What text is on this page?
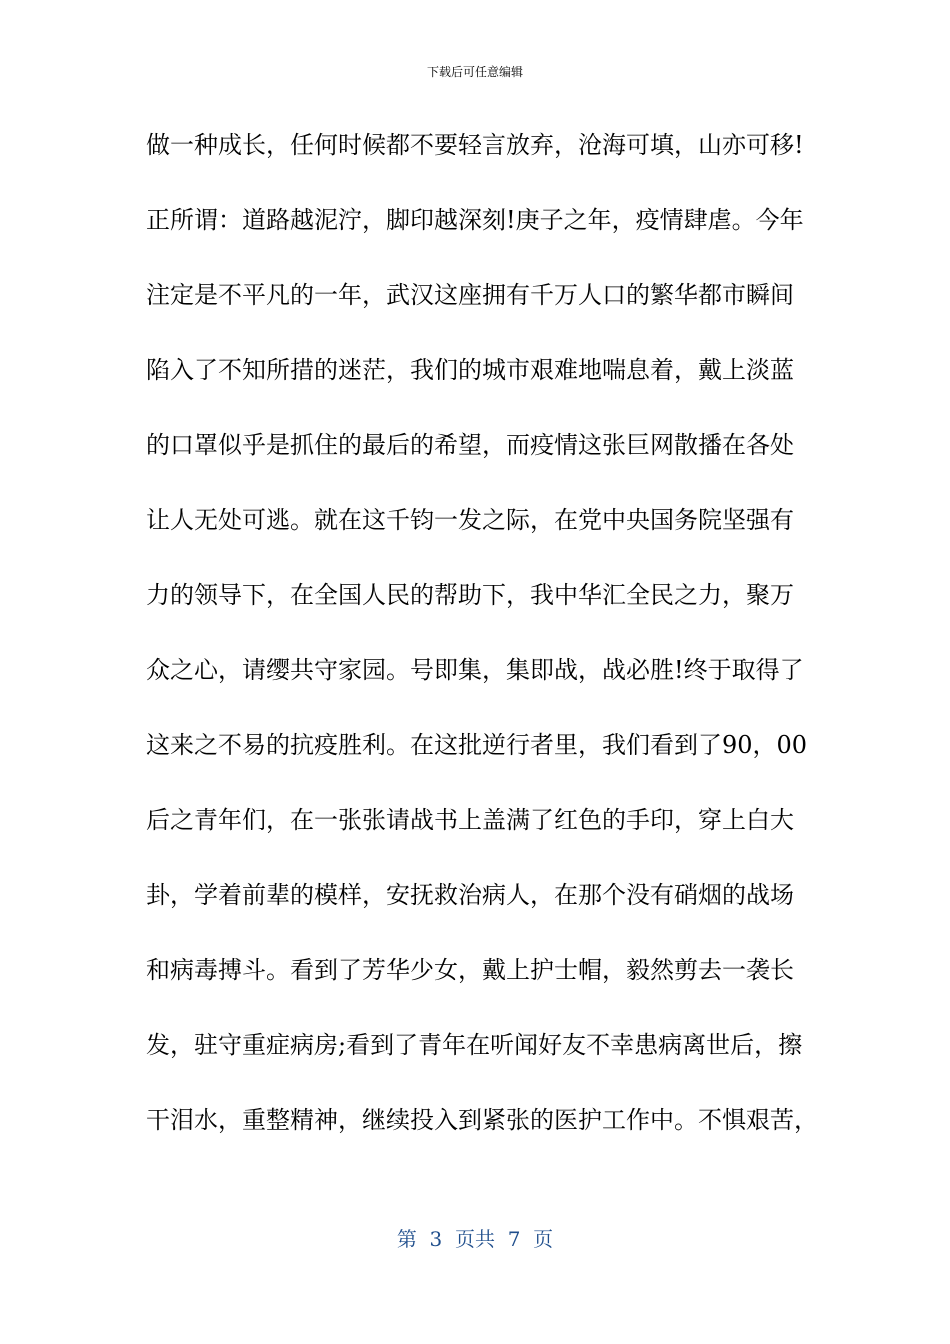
下载后可任意编辑
做一种成长，任何时候都不要轻言放弃，沧海可填，山亦可移!
正所谓：道路越泥泞，脚印越深刻!庚子之年，疫情肆虐。今年
注定是不平凡的一年，武汉这座拥有千万人口的繁华都市瞬间
陷入了不知所措的迷茫，我们的城市艰难地喘息着，戴上淡蓝
的口罩似乎是抓住的最后的希望，而疫情这张巨网散播在各处
让人无处可逃。就在这千钧一发之际，在党中央国务院坚强有
力的领导下，在全国人民的帮助下，我中华汇全民之力，聚万
众之心，请缨共守家园。号即集，集即战，战必胜!终于取得了
这来之不易的抗疫胜利。在这批逆行者里，我们看到了90，00
后之青年们，在一张张请战书上盖满了红色的手印，穿上白大
卦，学着前辈的模样，安抚救治病人，在那个没有硝烟的战场
和病毒搏斗。看到了芳华少女，戴上护士帽，毅然剪去一袭长
发，驻守重症病房;看到了青年在听闻好友不幸患病离世后，擦
干泪水，重整精神，继续投入到紧张的医护工作中。不惧艰苦，
第  3  页共  7  页
